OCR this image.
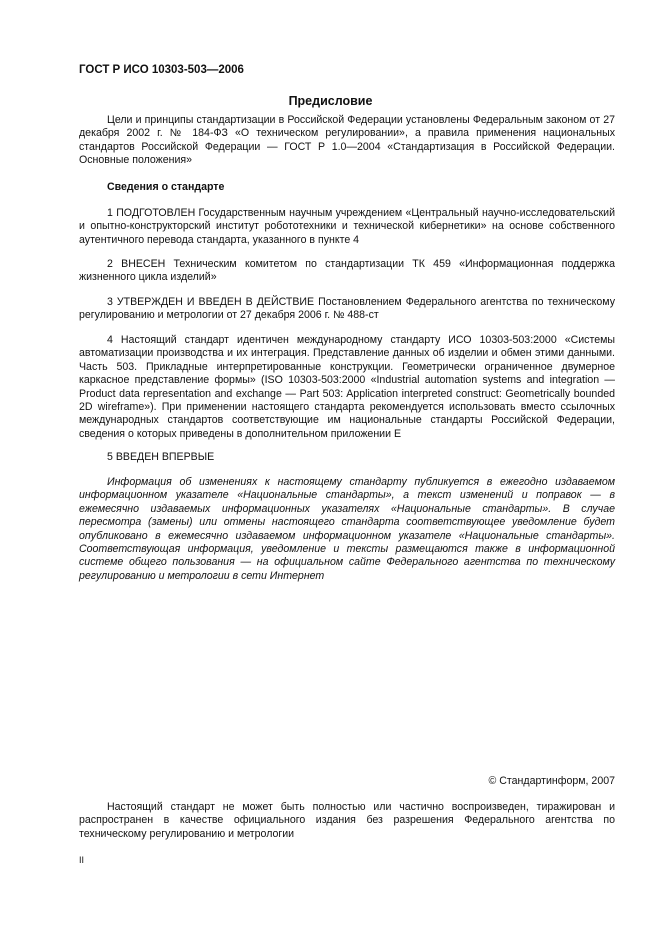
ГОСТ Р ИСО 10303-503—2006
Предисловие
Цели и принципы стандартизации в Российской Федерации установлены Федеральным законом от 27 декабря 2002 г. № 184-ФЗ «О техническом регулировании», а правила применения национальных стандартов Российской Федерации — ГОСТ Р 1.0—2004 «Стандартизация в Российской Федерации. Основные положения»
Сведения о стандарте
1 ПОДГОТОВЛЕН Государственным научным учреждением «Центральный научно-исследовательский и опытно-конструкторский институт робототехники и технической кибернетики» на основе собственного аутентичного перевода стандарта, указанного в пункте 4
2 ВНЕСЕН Техническим комитетом по стандартизации ТК 459 «Информационная поддержка жизненного цикла изделий»
3 УТВЕРЖДЕН И ВВЕДЕН В ДЕЙСТВИЕ Постановлением Федерального агентства по техническому регулированию и метрологии от 27 декабря 2006 г. № 488-ст
4 Настоящий стандарт идентичен международному стандарту ИСО 10303-503:2000 «Системы автоматизации производства и их интеграция. Представление данных об изделии и обмен этими данными. Часть 503. Прикладные интерпретированные конструкции. Геометрически ограниченное двумерное каркасное представление формы» (ISO 10303-503:2000 «Industrial automation systems and integration — Product data representation and exchange — Part 503: Application interpreted construct: Geometrically bounded 2D wireframe»). При применении настоящего стандарта рекомендуется использовать вместо ссылочных международных стандартов соответствующие им национальные стандарты Российской Федерации, сведения о которых приведены в дополнительном приложении Е
5 ВВЕДЕН ВПЕРВЫЕ
Информация об изменениях к настоящему стандарту публикуется в ежегодно издаваемом информационном указателе «Национальные стандарты», а текст изменений и поправок — в ежемесячно издаваемых информационных указателях «Национальные стандарты». В случае пересмотра (замены) или отмены настоящего стандарта соответствующее уведомление будет опубликовано в ежемесячно издаваемом информационном указателе «Национальные стандарты». Соответствующая информация, уведомление и тексты размещаются также в информационной системе общего пользования — на официальном сайте Федерального агентства по техническому регулированию и метрологии в сети Интернет
© Стандартинформ, 2007
Настоящий стандарт не может быть полностью или частично воспроизведен, тиражирован и распространен в качестве официального издания без разрешения Федерального агентства по техническому регулированию и метрологии
II
